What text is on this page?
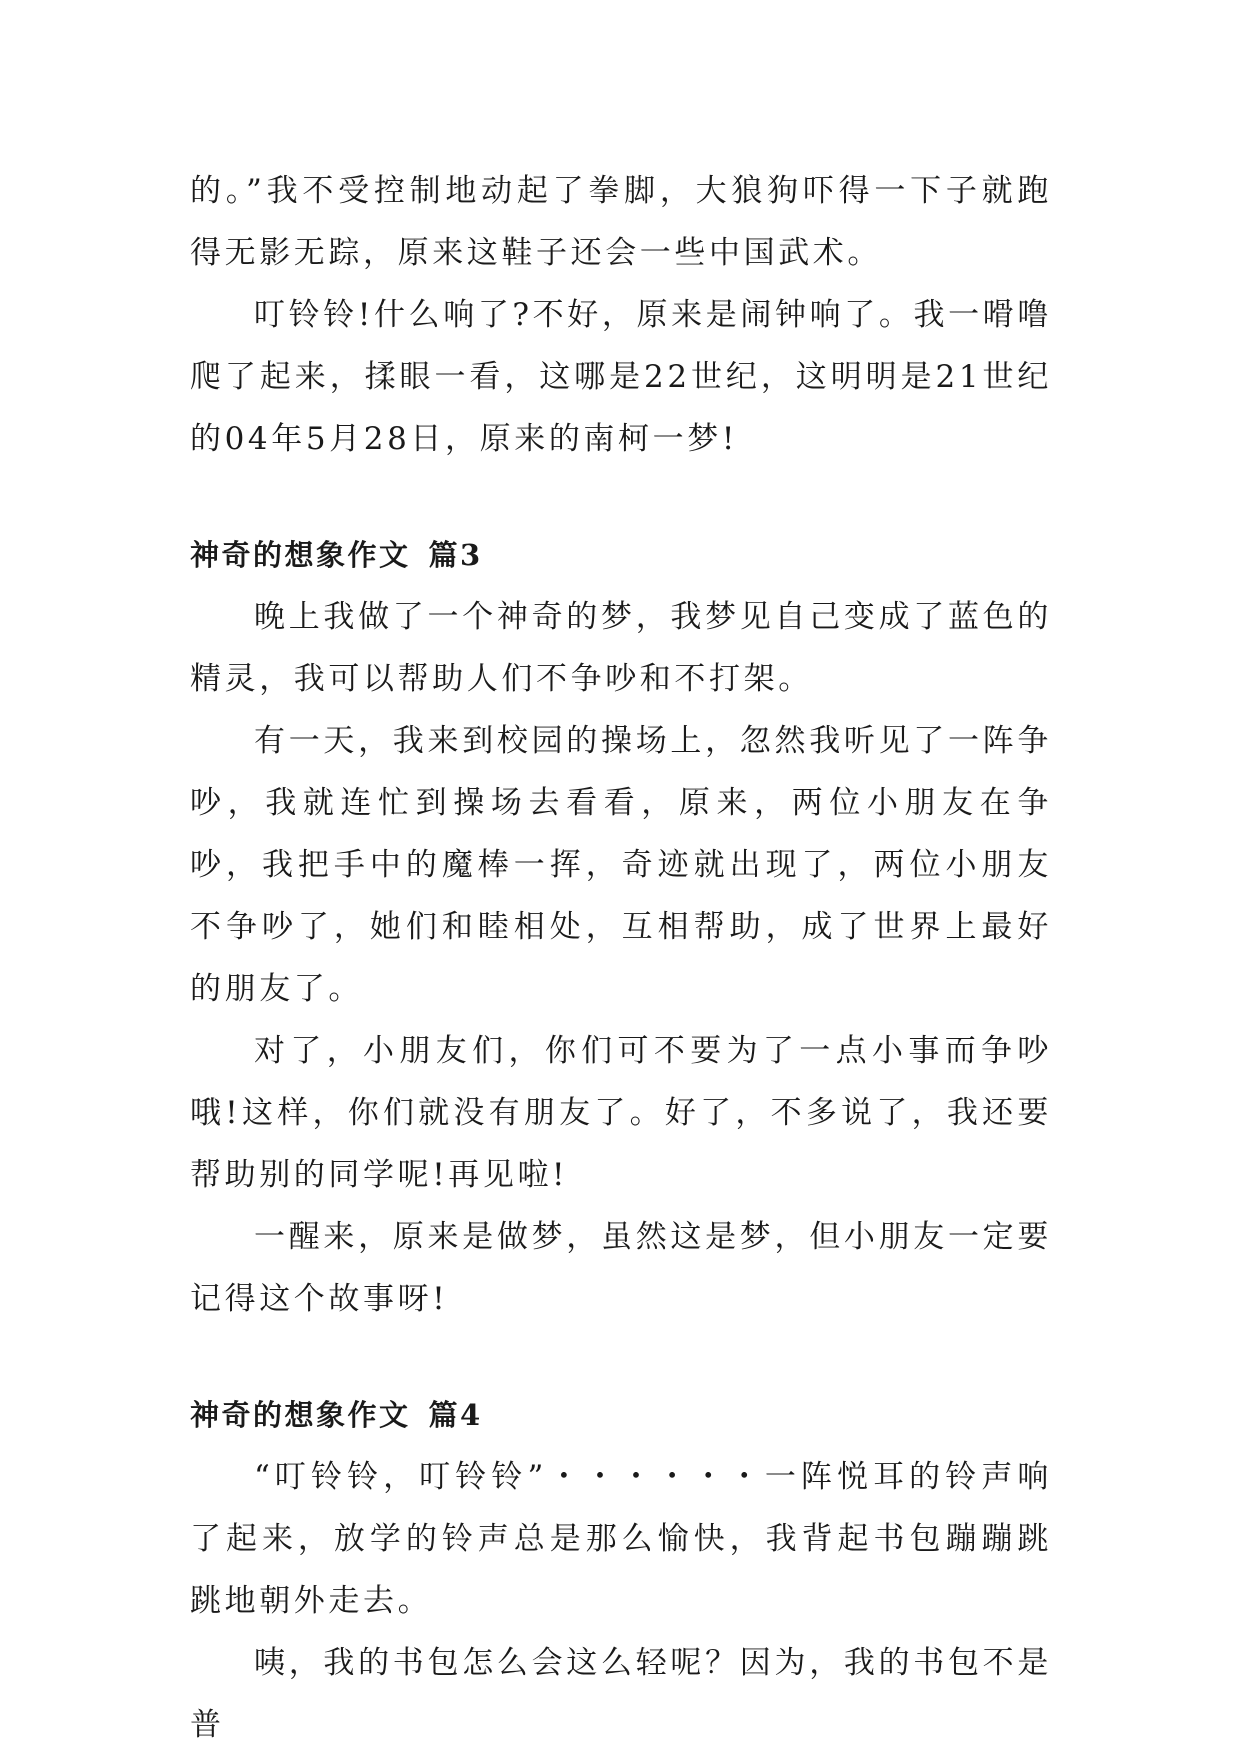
的。”我不受控制地动起了拳脚，大狼狗吓得一下子就跑得无影无踪，原来这鞋子还会一些中国武术。

叮铃铃!什么响了?不好，原来是闹钟响了。我一嗗噜爬了起来，揉眼一看，这哪是22世纪，这明明是21世纪的04年5月28日，原来的南柯一梦!

神奇的想象作文 篇3

晚上我做了一个神奇的梦，我梦见自己变成了蓝色的精灵，我可以帮助人们不争吵和不打架。

有一天，我来到校园的操场上，忽然我听见了一阵争吵，我就连忙到操场去看看，原来，两位小朋友在争吵，我把手中的魔棒一挥，奇迹就出现了，两位小朋友不争吵了，她们和睦相处，互相帮助，成了世界上最好的朋友了。

对了，小朋友们，你们可不要为了一点小事而争吵哦!这样，你们就没有朋友了。好了，不多说了，我还要帮助别的同学呢!再见啦!

一醒来，原来是做梦，虽然这是梦，但小朋友一定要记得这个故事呀!

神奇的想象作文 篇4

“叮铃铃，叮铃铃”・・・・・・一阵悦耳的铃声响了起来，放学的铃声总是那么愉快，我背起书包蹦蹦跳跳地朝外走去。

咦，我的书包怎么会这么轻呢？因为，我的书包不是普
